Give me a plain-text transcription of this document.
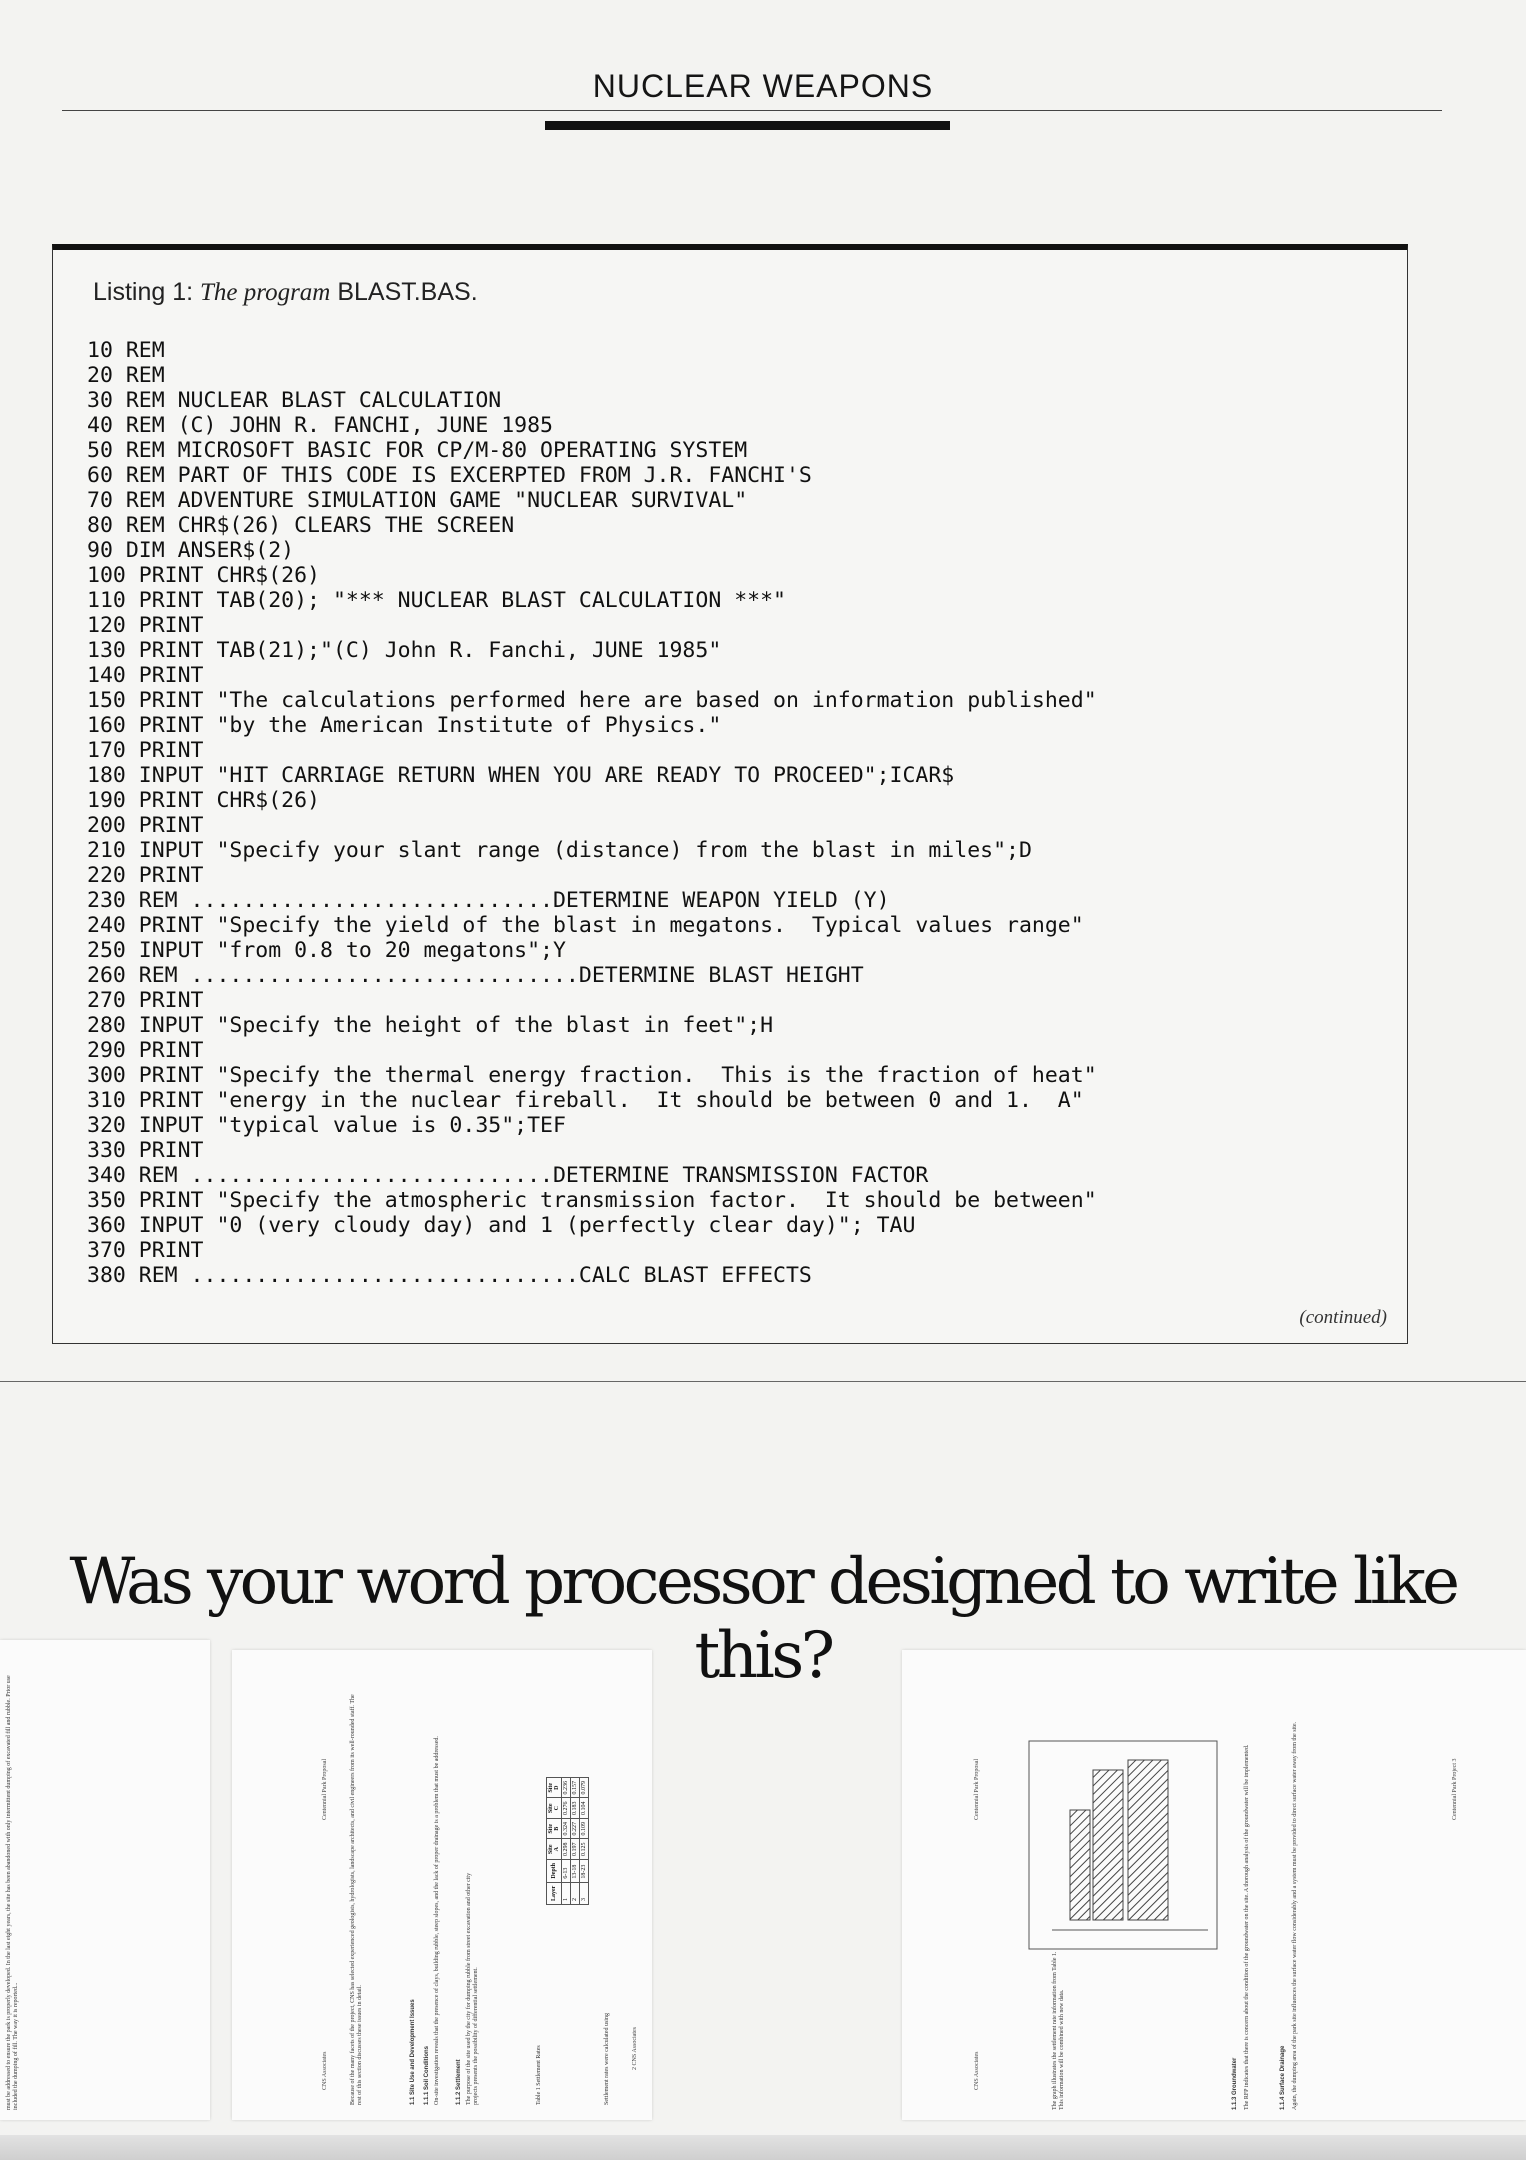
NUCLEAR WEAPONS
Listing 1: The program BLAST.BAS.
10 REM
20 REM
30 REM NUCLEAR BLAST CALCULATION
40 REM (C) JOHN R. FANCHI, JUNE 1985
50 REM MICROSOFT BASIC FOR CP/M-80 OPERATING SYSTEM
60 REM PART OF THIS CODE IS EXCERPTED FROM J.R. FANCHI'S
70 REM ADVENTURE SIMULATION GAME "NUCLEAR SURVIVAL"
80 REM CHR$(26) CLEARS THE SCREEN
90 DIM ANSER$(2)
100 PRINT CHR$(26)
110 PRINT TAB(20); "*** NUCLEAR BLAST CALCULATION ***"
120 PRINT
130 PRINT TAB(21);"(C) John R. Fanchi, JUNE 1985"
140 PRINT
150 PRINT "The calculations performed here are based on information published"
160 PRINT "by the American Institute of Physics."
170 PRINT
180 INPUT "HIT CARRIAGE RETURN WHEN YOU ARE READY TO PROCEED";ICAR$
190 PRINT CHR$(26)
200 PRINT
210 INPUT "Specify your slant range (distance) from the blast in miles";D
220 PRINT
230 REM ............................DETERMINE WEAPON YIELD (Y)
240 PRINT "Specify the yield of the blast in megatons.  Typical values range"
250 INPUT "from 0.8 to 20 megatons";Y
260 REM ..............................DETERMINE BLAST HEIGHT
270 PRINT
280 INPUT "Specify the height of the blast in feet";H
290 PRINT
300 PRINT "Specify the thermal energy fraction.  This is the fraction of heat"
310 PRINT "energy in the nuclear fireball.  It should be between 0 and 1.  A"
320 INPUT "typical value is 0.35";TEF
330 PRINT
340 REM ............................DETERMINE TRANSMISSION FACTOR
350 PRINT "Specify the atmospheric transmission factor.  It should be between"
360 INPUT "0 (very cloudy day) and 1 (perfectly clear day)"; TAU
370 PRINT
380 REM ..............................CALC BLAST EFFECTS
(continued)
Was your word processor designed to write like this?
must be addressed to ensure the park is properly developed. In the last eight years, the site has been abandoned with only intermittent dumping of excavated fill and rubble. Prior use included the dumping of fill. The way it is reported...	CNS Associates
Centennial Park Proposal	Because of the many facets of the project, CNS has selected experienced geologists, hydrologists, landscape architects, and civil engineers from its well-rounded staff. The rest of this section discusses these issues in detail.	1.1 Site Use and Development Issues 1.1.1 Soil Conditions On-site investigation reveals that the presence of clays, building rubble, steep slopes, and the lack of proper drainage is a problem that must be addressed.	1.1.2 Settlement The purpose of the site used by the city for dumping rubble from street excavation and other city projects presents the possibility of differential settlement.	Table 1 Settlement Rates
Layer	Depth	Site A	Site B	Site C	Site D
1	6-13	0.298	0.324	0.276	0.236
2	13-18	0.197	0.227	0.183	0.157
3	18-23	0.125	0.109	0.104	0.079
Settlement rates were calculated using	2 CNS Associates
CNS Associates
Centennial Park Proposal
The graph illustrates the settlement rate information from Table 1. This information will be combined with new data.	1.1.3 Groundwater The RFP indicates that there is concern about the condition of the groundwater on the site. A thorough analysis of the groundwater will be implemented.	1.1.4 Surface Drainage Again, the dumping area of the park site influences the surface water flow considerably and a system must be provided to direct surface water away from the site.	Centennial Park Project 3
